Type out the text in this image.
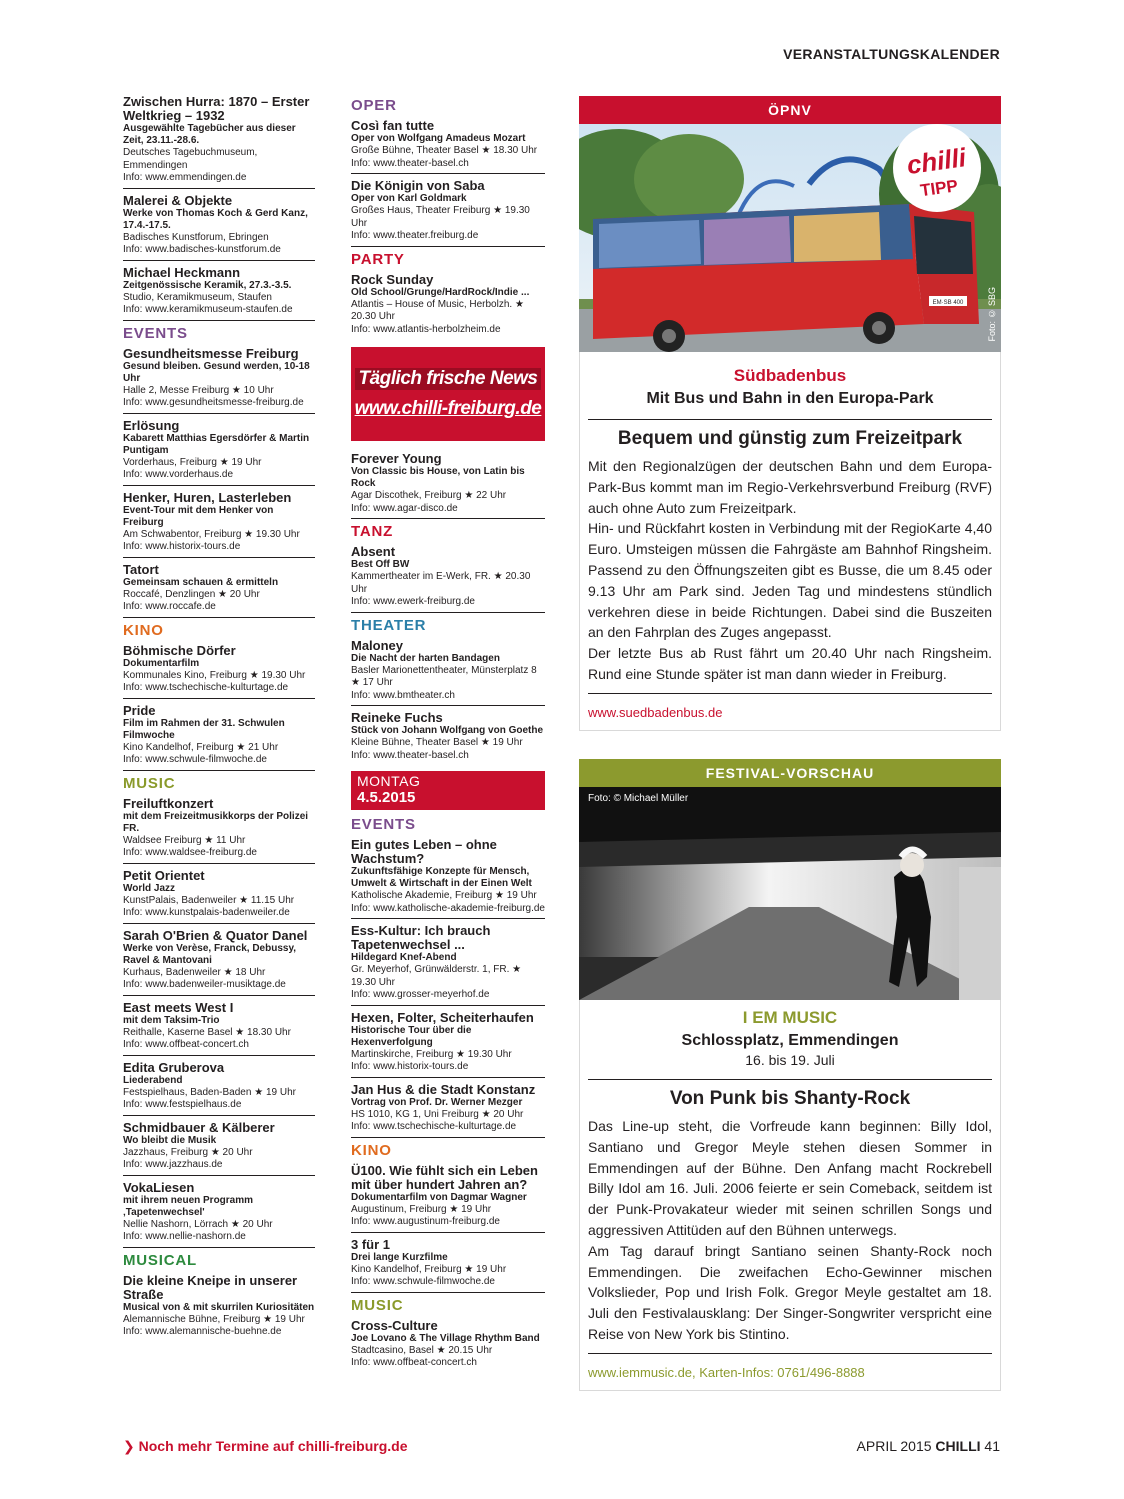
VERANSTALTUNGSKALENDER
Zwischen Hurra: 1870 – Erster Weltkrieg – 1932
Ausgewählte Tagebücher aus dieser Zeit, 23.11.-28.6.
Deutsches Tagebuchmuseum, Emmendingen
Info: www.emmendingen.de
Malerei & Objekte
Werke von Thomas Koch & Gerd Kanz, 17.4.-17.5.
Badisches Kunstforum, Ebringen
Info: www.badisches-kunstforum.de
Michael Heckmann
Zeitgenössische Keramik, 27.3.-3.5.
Studio, Keramikmuseum, Staufen
Info: www.keramikmuseum-staufen.de
EVENTS
Gesundheitsmesse Freiburg
Gesund bleiben. Gesund werden, 10-18 Uhr
Halle 2, Messe Freiburg ★ 10 Uhr
Info: www.gesundheitsmesse-freiburg.de
Erlösung
Kabarett Matthias Egersdörfer & Martin Puntigam
Vorderhaus, Freiburg ★ 19 Uhr
Info: www.vorderhaus.de
Henker, Huren, Lasterleben
Event-Tour mit dem Henker von Freiburg
Am Schwabentor, Freiburg ★ 19.30 Uhr
Info: www.historix-tours.de
Tatort
Gemeinsam schauen & ermitteln
Roccafé, Denzlingen ★ 20 Uhr
Info: www.roccafe.de
KINO
Böhmische Dörfer
Dokumentarfilm
Kommunales Kino, Freiburg ★ 19.30 Uhr
Info: www.tschechische-kulturtage.de
Pride
Film im Rahmen der 31. Schwulen Filmwoche
Kino Kandelhof, Freiburg ★ 21 Uhr
Info: www.schwule-filmwoche.de
MUSIC
Freiluftkonzert
mit dem Freizeitmusikkorps der Polizei FR.
Waldsee Freiburg ★ 11 Uhr
Info: www.waldsee-freiburg.de
Petit Orientet
World Jazz
KunstPalais, Badenweiler ★ 11.15 Uhr
Info: www.kunstpalais-badenweiler.de
Sarah O'Brien & Quator Danel
Werke von Verèse, Franck, Debussy, Ravel & Mantovani
Kurhaus, Badenweiler ★ 18 Uhr
Info: www.badenweiler-musiktage.de
East meets West I
mit dem Taksim-Trio
Reithalle, Kaserne Basel ★ 18.30 Uhr
Info: www.offbeat-concert.ch
Edita Gruberova
Liederabend
Festspielhaus, Baden-Baden ★ 19 Uhr
Info: www.festspielhaus.de
Schmidbauer & Kälberer
Wo bleibt die Musik
Jazzhaus, Freiburg ★ 20 Uhr
Info: www.jazzhaus.de
VokaLiesen
mit ihrem neuen Programm ‚Tapetenwechsel'
Nellie Nashorn, Lörrach ★ 20 Uhr
Info: www.nellie-nashorn.de
MUSICAL
Die kleine Kneipe in unserer Straße
Musical von & mit skurrilen Kuriositäten
Alemannische Bühne, Freiburg ★ 19 Uhr
Info: www.alemannische-buehne.de
OPER
Così fan tutte
Oper von Wolfgang Amadeus Mozart
Große Bühne, Theater Basel ★ 18.30 Uhr
Info: www.theater-basel.ch
Die Königin von Saba
Oper von Karl Goldmark
Großes Haus, Theater Freiburg ★ 19.30 Uhr
Info: www.theater.freiburg.de
PARTY
Rock Sunday
Old School/Grunge/HardRock/Indie ...
Atlantis – House of Music, Herbolzh. ★ 20.30 Uhr
Info: www.atlantis-herbolzheim.de
Täglich frische News
www.chilli-freiburg.de
Forever Young
Von Classic bis House, von Latin bis Rock
Agar Discothek, Freiburg ★ 22 Uhr
Info: www.agar-disco.de
TANZ
Absent
Best Off BW
Kammertheater im E-Werk, FR. ★ 20.30 Uhr
Info: www.ewerk-freiburg.de
THEATER
Maloney
Die Nacht der harten Bandagen
Basler Marionettentheater, Münsterplatz 8 ★ 17 Uhr
Info: www.bmtheater.ch
Reineke Fuchs
Stück von Johann Wolfgang von Goethe
Kleine Bühne, Theater Basel ★ 19 Uhr
Info: www.theater-basel.ch
MONTAG
4.5.2015
EVENTS
Ein gutes Leben – ohne Wachstum?
Zukunftsfähige Konzepte für Mensch, Umwelt & Wirtschaft in der Einen Welt
Katholische Akademie, Freiburg ★ 19 Uhr
Info: www.katholische-akademie-freiburg.de
Ess-Kultur: Ich brauch Tapetenwechsel ...
Hildegard Knef-Abend
Gr. Meyerhof, Grünwälderstr. 1, FR. ★ 19.30 Uhr
Info: www.grosser-meyerhof.de
Hexen, Folter, Scheiterhaufen
Historische Tour über die Hexenverfolgung
Martinskirche, Freiburg ★ 19.30 Uhr
Info: www.historix-tours.de
Jan Hus & die Stadt Konstanz
Vortrag von Prof. Dr. Werner Mezger
HS 1010, KG 1, Uni Freiburg ★ 20 Uhr
Info: www.tschechische-kulturtage.de
KINO
Ü100. Wie fühlt sich ein Leben mit über hundert Jahren an?
Dokumentarfilm von Dagmar Wagner
Augustinum, Freiburg ★ 19 Uhr
Info: www.augustinum-freiburg.de
3 für 1
Drei lange Kurzfilme
Kino Kandelhof, Freiburg ★ 19 Uhr
Info: www.schwule-filmwoche.de
MUSIC
Cross-Culture
Joe Lovano & The Village Rhythm Band
Stadtcasino, Basel ★ 20.15 Uhr
Info: www.offbeat-concert.ch
ÖPNV
EM·SB 400
chilli
TIPP
Foto: © SBG
Südbadenbus
Mit Bus und Bahn in den Europa-Park
Bequem und günstig zum Freizeitpark

Mit den Regionalzügen der deutschen Bahn und dem Europa-Park-Bus kommt man im Regio-Verkehrsverbund Freiburg (RVF) auch ohne Auto zum Freizeitpark.
Hin- und Rückfahrt kosten in Verbindung mit der RegioKarte 4,40 Euro. Umsteigen müssen die Fahrgäste am Bahnhof Ringsheim. Passend zu den Öffnungszeiten gibt es Busse, die um 8.45 oder 9.13 Uhr am Park sind. Jeden Tag und mindestens stündlich verkehren diese in beide Richtungen. Dabei sind die Buszeiten an den Fahrplan des Zuges angepasst.
Der letzte Bus ab Rust fährt um 20.40 Uhr nach Ringsheim. Rund eine Stunde später ist man dann wieder in Freiburg.

www.suedbadenbus.de
FESTIVAL-VORSCHAU
Foto: © Michael Müller
I EM MUSIC
Schlossplatz, Emmendingen
16. bis 19. Juli
Von Punk bis Shanty-Rock

Das Line-up steht, die Vorfreude kann beginnen: Billy Idol, Santiano und Gregor Meyle stehen diesen Sommer in Emmendingen auf der Bühne. Den Anfang macht Rockrebell Billy Idol am 16. Juli. 2006 feierte er sein Comeback, seitdem ist der Punk-Provakateur wieder mit seinen schrillen Songs und aggressiven Attitüden auf den Bühnen unterwegs.
Am Tag darauf bringt Santiano seinen Shanty-Rock noch Emmendingen. Die zweifachen Echo-Gewinner mischen Volkslieder, Pop und Irish Folk. Gregor Meyle gestaltet am 18. Juli den Festivalausklang: Der Singer-Songwriter verspricht eine Reise von New York bis Stintino.

www.iemmusic.de, Karten-Infos: 0761/496-8888
❯ Noch mehr Termine auf chilli-freiburg.de	APRIL 2015 CHILLI 41
